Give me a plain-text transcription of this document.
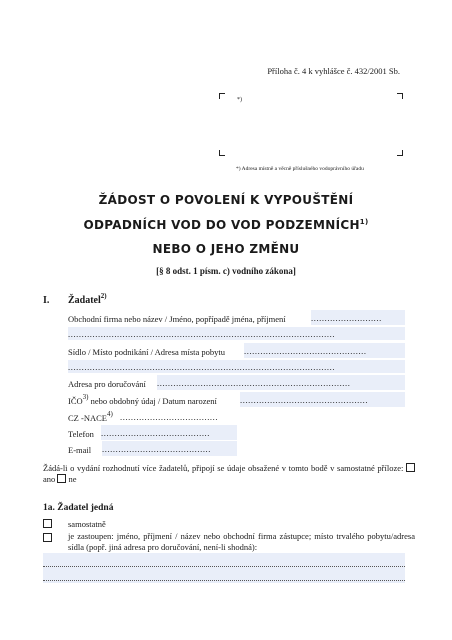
Příloha č. 4 k vyhlášce č. 432/2001 Sb.
*)
*) Adresa místně a věcně příslušného vodoprávního úřadu
ŽÁDOST O POVOLENÍ K VYPOUŠTĚNÍ
ODPADNÍCH VOD DO VOD PODZEMNÍCH$^{1)}$
NEBO O JEHO ZMĚNU
[§ 8 odst. 1 písm. c) vodního zákona]
I. Žadatel$^{2)}$
Obchodní firma nebo název / Jméno, popřípadě jména, příjmení	..........................
..................................................................................................
Sídlo / Místo podnikání / Adresa místa pobytu .............................................
..................................................................................................
Adresa pro doručování .......................................................................
IČO$^{3)}$ nebo obdobný údaj / Datum narození	...............................................
CZ -NACE$^{4)}$ ....................................
Telefon ........................................
E-mail ........................................
Žádá-li o vydání rozhodnutí více žadatelů, připojí se údaje obsažené v tomto bodě v samostatné příloze:  ano ne
1a. Žadatel jedná
samostatně
je zastoupen: jméno, příjmení / název nebo obchodní firma zástupce; místo trvalého pobytu/adresa sídla (popř. jiná adresa pro doručování, není-li shodná):
